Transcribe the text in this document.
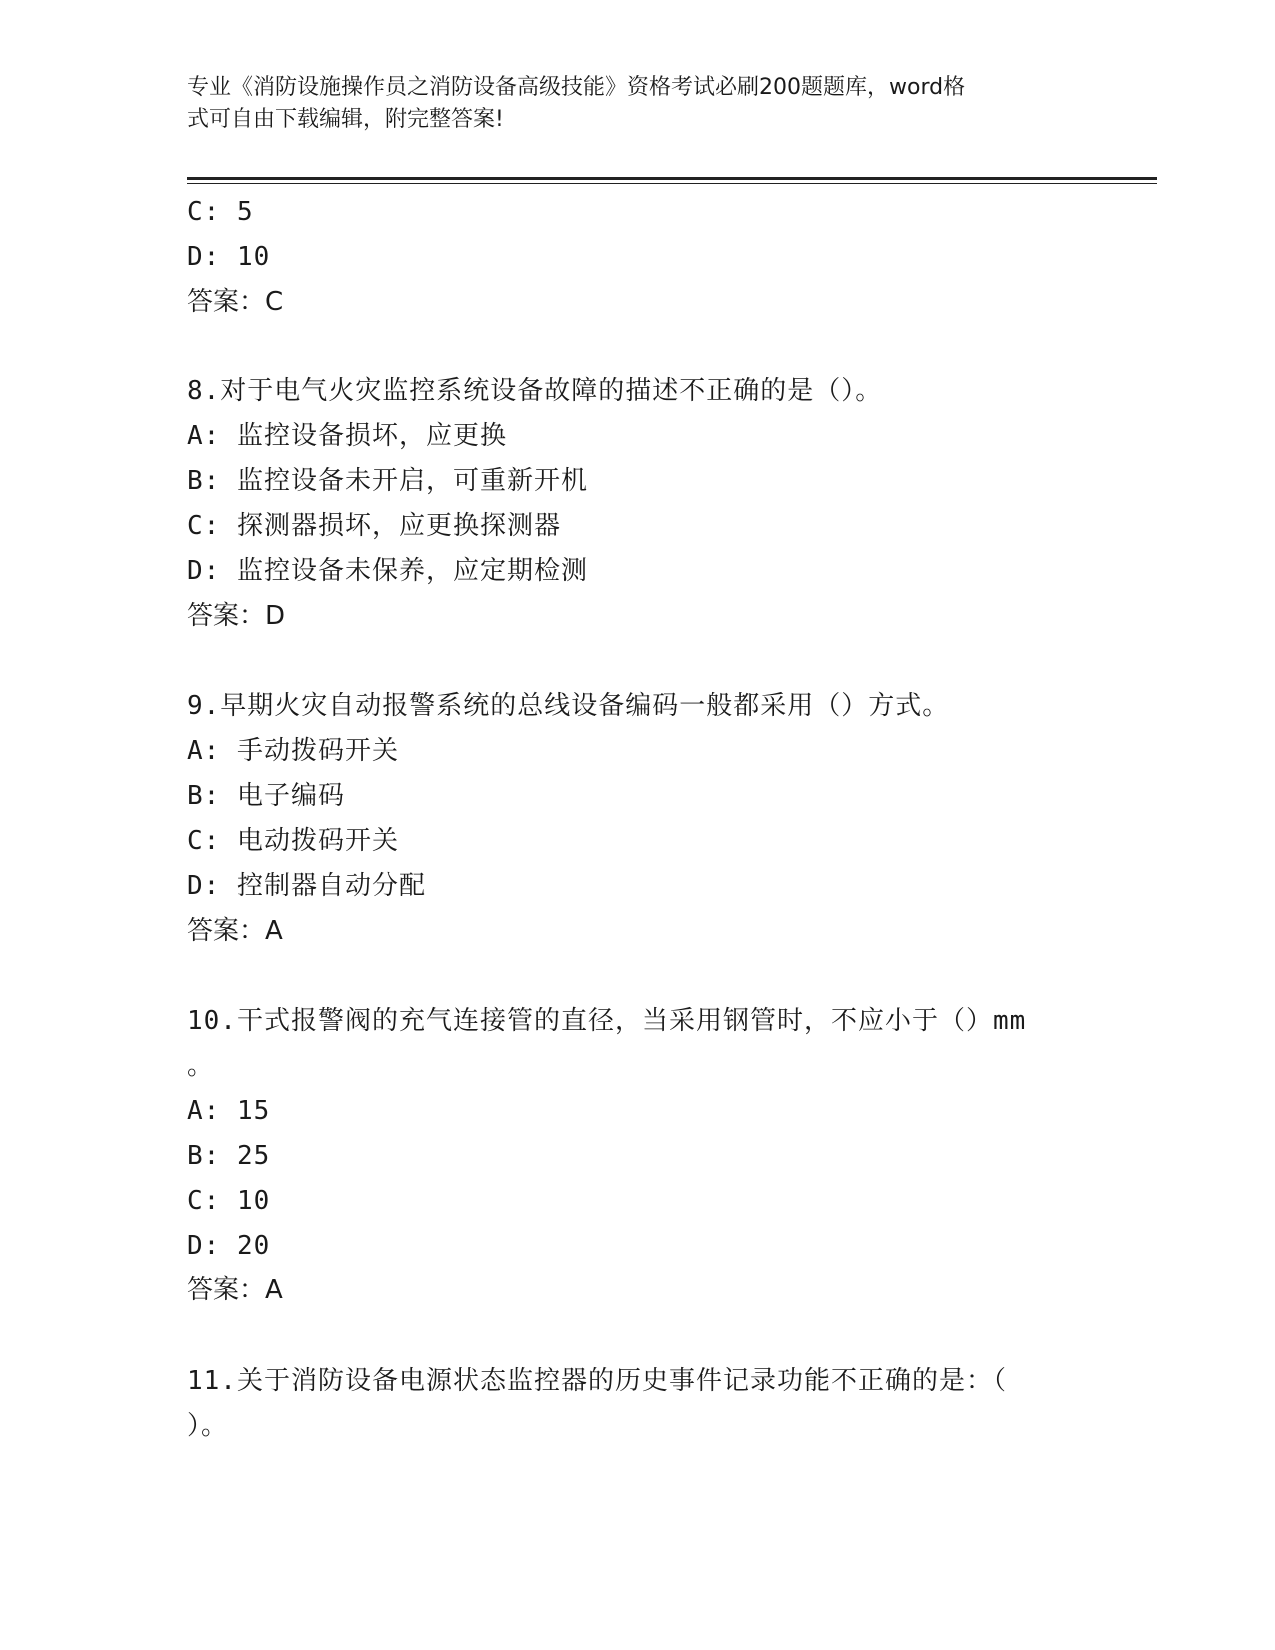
专业《消防设施操作员之消防设备高级技能》资格考试必刷200题题库，word格
式可自由下载编辑，附完整答案!
C: 5
D: 10
答案：C
8.对于电气火灾监控系统设备故障的描述不正确的是（）。
A: 监控设备损坏，应更换
B: 监控设备未开启，可重新开机
C: 探测器损坏，应更换探测器
D: 监控设备未保养，应定期检测
答案：D
9.早期火灾自动报警系统的总线设备编码一般都采用（）方式。
A: 手动拨码开关
B: 电子编码
C: 电动拨码开关
D: 控制器自动分配
答案：A
10.干式报警阀的充气连接管的直径，当采用钢管时，不应小于（）mm
。
A: 15
B: 25
C: 10
D: 20
答案：A
11.关于消防设备电源状态监控器的历史事件记录功能不正确的是：（
）。
